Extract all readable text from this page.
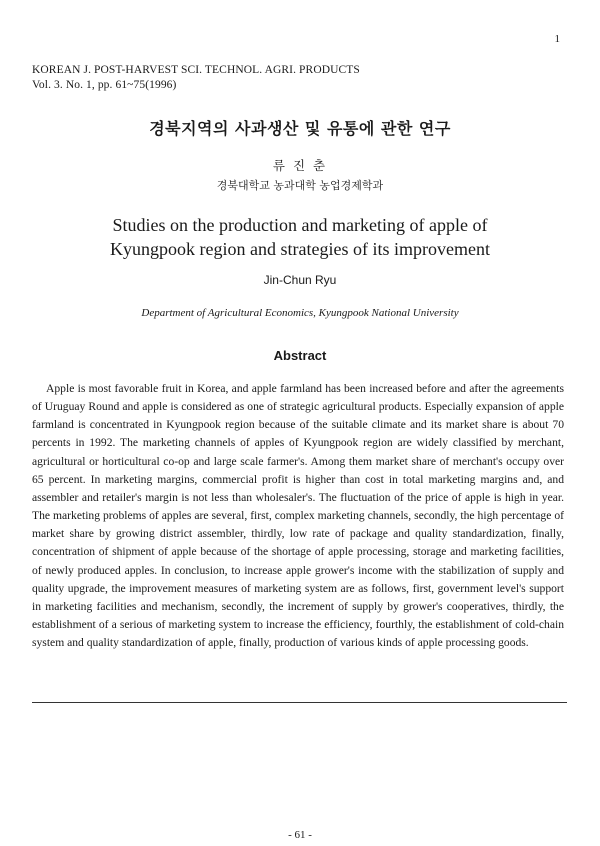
1
KOREAN J. POST-HARVEST SCI. TECHNOL. AGRI. PRODUCTS
Vol. 3. No. 1, pp. 61~75(1996)
경북지역의 사과생산 및 유통에 관한 연구
류 진 춘
경북대학교 농과대학 농업경제학과
Studies on the production and marketing of apple of
Kyungpook region and strategies of its improvement
Jin-Chun Ryu
Department of Agricultural Economics, Kyungpook National University
Abstract

Apple is most favorable fruit in Korea, and apple farmland has been increased before and after the agreements of Uruguay Round and apple is considered as one of strategic agricultural products. Especially expansion of apple farmland is concentrated in Kyungpook region because of the suitable climate and its market share is about 70 percents in 1992. The marketing channels of apples of Kyungpook region are widely classified by merchant, agricultural or horticultural co-op and large scale farmer's. Among them market share of merchant's occupy over 65 percent. In marketing margins, commercial profit is higher than cost in total marketing margins and, and assembler and retailer's margin is not less than wholesaler's. The fluctuation of the price of apple is high in year. The marketing problems of apples are several, first, complex marketing channels, secondly, the high percentage of market share by growing district assembler, thirdly, low rate of package and quality standardization, finally, concentration of shipment of apple because of the shortage of apple processing, storage and marketing facilities, of newly produced apples. In conclusion, to increase apple grower's income with the stabilization of supply and quality upgrade, the improvement measures of marketing system are as follows, first, government level's support in marketing facilities and mechanism, secondly, the increment of supply by grower's cooperatives, thirdly, the establishment of a serious of marketing system to increase the efficiency, fourthly, the establishment of cold-chain system and quality standardization of apple, finally, production of various kinds of apple processing goods.

- 61 -
